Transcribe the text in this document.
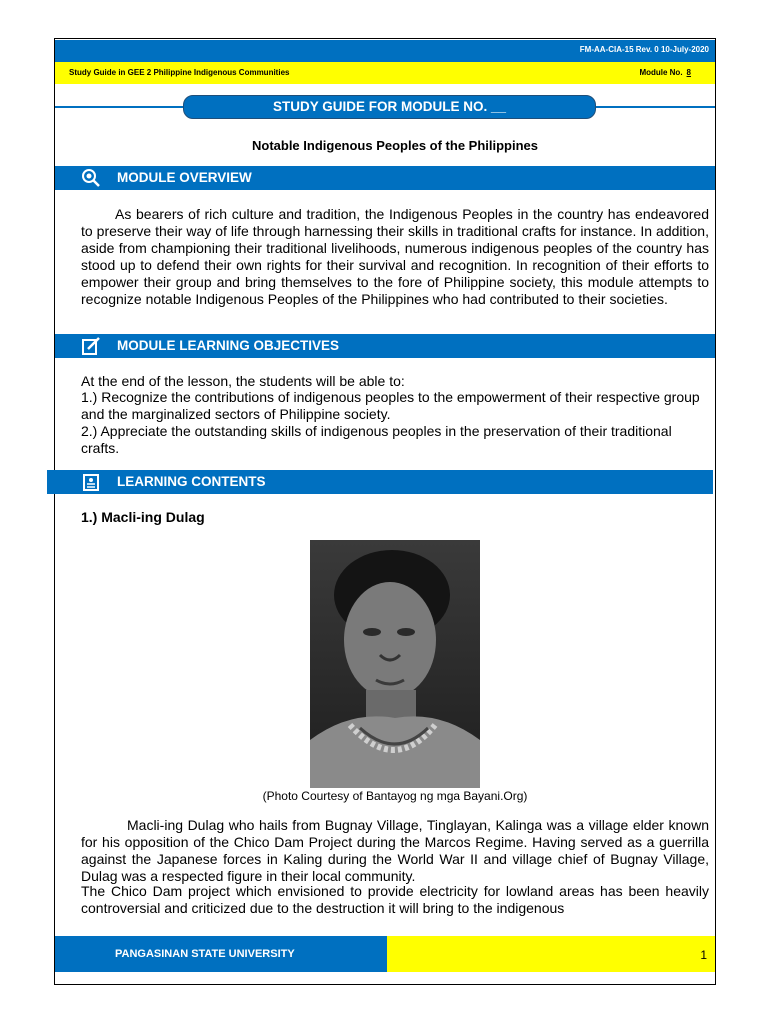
FM-AA-CIA-15 Rev. 0 10-July-2020
Study Guide in GEE 2 Philippine Indigenous Communities	Module No. 8
STUDY GUIDE FOR MODULE NO. __
Notable Indigenous Peoples of the Philippines
MODULE OVERVIEW
As bearers of rich culture and tradition, the Indigenous Peoples in the country has endeavored to preserve their way of life through harnessing their skills in traditional crafts for instance. In addition, aside from championing their traditional livelihoods, numerous indigenous peoples of the country has stood up to defend their own rights for their survival and recognition. In recognition of their efforts to empower their group and bring themselves to the fore of Philippine society, this module attempts to recognize notable Indigenous Peoples of the Philippines who had contributed to their societies.
MODULE LEARNING OBJECTIVES
At the end of the lesson, the students will be able to:
1.) Recognize the contributions of indigenous peoples to the empowerment of their respective group and the marginalized sectors of Philippine society.
2.) Appreciate the outstanding skills of indigenous peoples in the preservation of their traditional crafts.
LEARNING CONTENTS
1.) Macli-ing Dulag
(Photo Courtesy of Bantayog ng mga Bayani.Org)
Macli-ing Dulag who hails from Bugnay Village, Tinglayan, Kalinga was a village elder known for his opposition of the Chico Dam Project during the Marcos Regime. Having served as a guerrilla against the Japanese forces in Kaling during the World War II and village chief of Bugnay Village, Dulag was a respected figure in their local community.
The Chico Dam project which envisioned to provide electricity for lowland areas has been heavily controversial and criticized due to the destruction it will bring to the indigenous
PANGASINAN STATE UNIVERSITY	1
